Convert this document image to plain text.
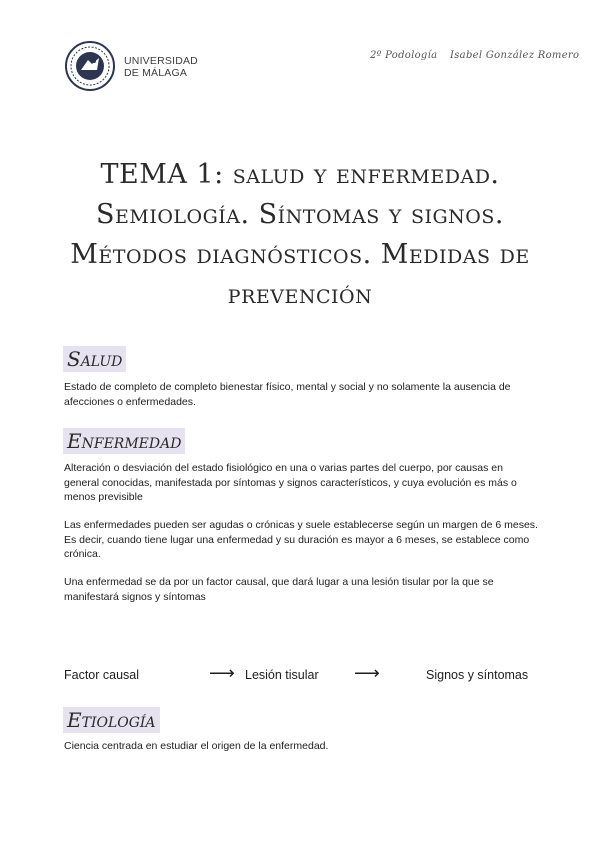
UNIVERSIDAD
DE MÁLAGA
2º Podología Isabel González Romero
TEMA 1: salud y enfermedad.
Semiología. Síntomas y signos.
Métodos diagnósticos. Medidas de
prevención
Salud
Estado de completo de completo bienestar físico, mental y social y no solamente la ausencia de afecciones o enfermedades.
Enfermedad
Alteración o desviación del estado fisiológico en una o varias partes del cuerpo, por causas en general conocidas, manifestada por síntomas y signos característicos, y cuya evolución es más o menos previsible
Las enfermedades pueden ser agudas o crónicas y suele establecerse según un margen de 6 meses. Es decir, cuando tiene lugar una enfermedad y su duración es mayor a 6 meses, se establece como crónica.
Una enfermedad se da por un factor causal, que dará lugar a una lesión tisular por la que se manifestará signos y síntomas
Factor causal	⟶ Lesión tisular ⟶	Signos y síntomas
Etiología
Ciencia centrada en estudiar el origen de la enfermedad.
